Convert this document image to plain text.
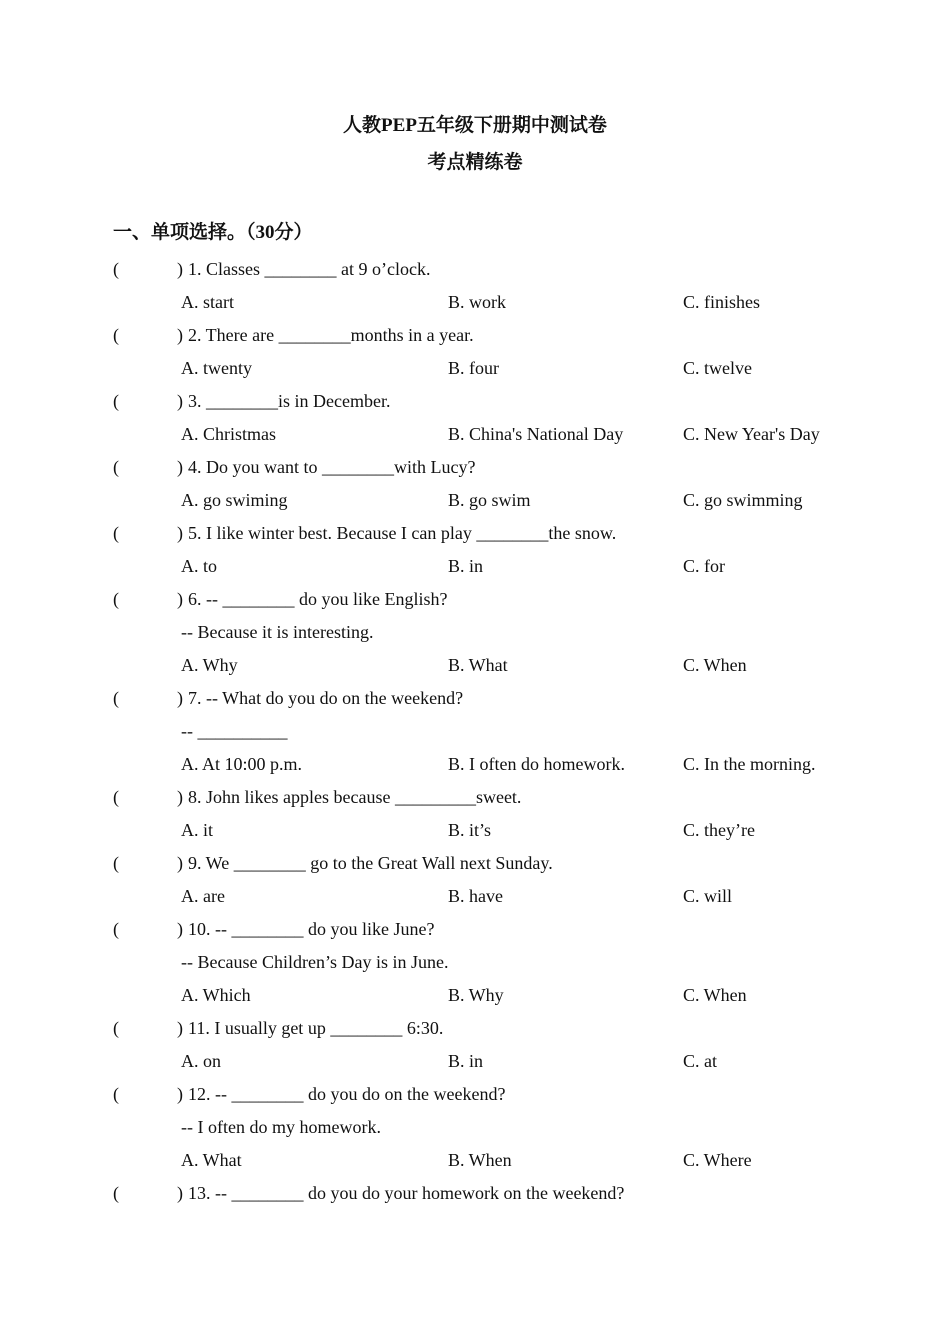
人教PEP五年级下册期中测试卷
考点精练卷
一、单项选择。（30分）
(	) 1. Classes ________ at 9 o’clock.
A. start	B. work	C. finishes
(	) 2. There are ________months in a year.
A. twenty	B. four	C. twelve
(	) 3. ________is in December.
A. Christmas	B. China's National Day	C. New Year's Day
(	) 4. Do you want to ________with Lucy?
A. go swiming	B. go swim	C. go swimming
(	) 5. I like winter best. Because I can play ________the snow.
A. to	B. in	C. for
(	) 6. -- ________ do you like English?
-- Because it is interesting.
A. Why	B. What	C. When
(	) 7. -- What do you do on the weekend?
-- __________
A. At 10:00 p.m.	B. I often do homework.	C. In the morning.
(	) 8. John likes apples because _________sweet.
A. it	B. it’s	C. they’re
(	) 9. We ________ go to the Great Wall next Sunday.
A. are	B. have	C. will
(	) 10. -- ________ do you like June?
-- Because Children’s Day is in June.
A. Which	B. Why	C. When
(	) 11. I usually get up ________ 6:30.
A. on	B. in	C. at
(	) 12. -- ________ do you do on the weekend?
-- I often do my homework.
A. What	B. When	C. Where
(	) 13. -- ________ do you do your homework on the weekend?
